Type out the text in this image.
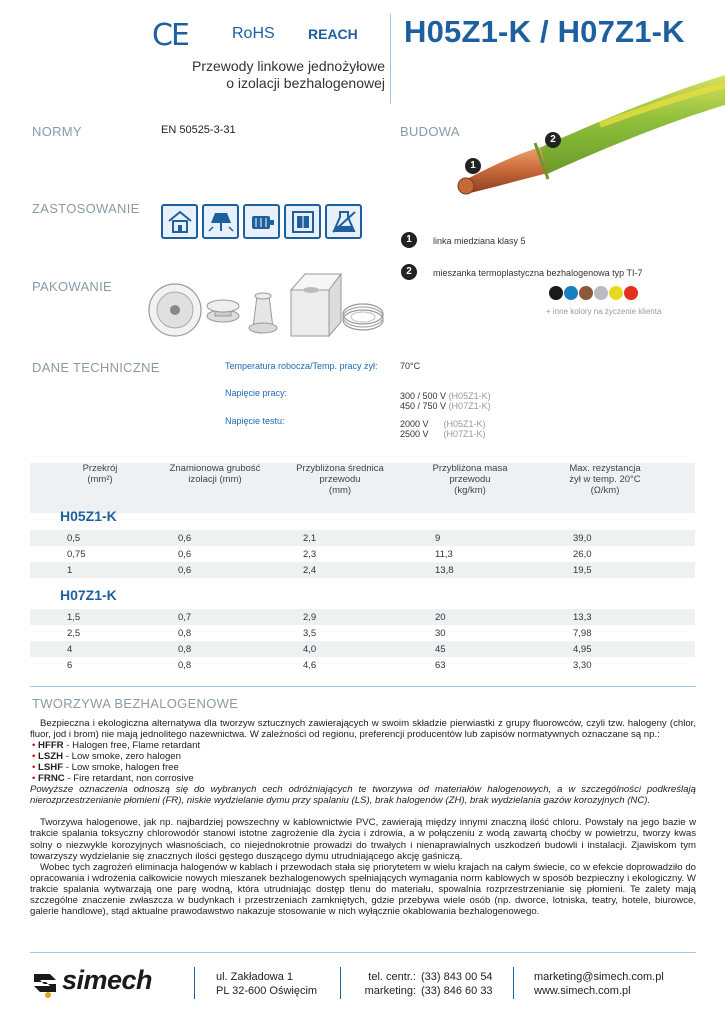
CE	RoHS REACH H05Z1-K / H07Z1-K
Przewody linkowe jednożyłowe
o izolacji bezhalogenowej
2
1
NORMY	EN 50525-3-31	BUDOWA
ZASTOSOWANIE
1	linka miedziana klasy 5
2	mieszanka termoplastyczna bezhalogenowa typ TI-7
+ inne kolory na życzenie klienta
PAKOWANIE
DANE TECHNICZNE	Temperatura robocza/Temp. pracy żył: 70°C
Napięcie pracy:	300 / 500 V (H05Z1-K)
450 / 750 V (H07Z1-K)
Napięcie testu:	2000 V (H05Z1-K)
2500 V (H07Z1-K)
Przekrój
(mm²)
Znamionowa grubość
izolacji (mm)
Przybliżona średnica
przewodu
(mm)
Przybliżona masa
przewodu
(kg/km)
Max. rezystancja
żył w temp. 20°C
(Ω/km)
H05Z1-K
0,5	0,6	2,1	9	39,0
0,75	0,6	2,3	11,3	26,0
1	0,6	2,4	13,8	19,5
H07Z1-K
1,5	0,7	2,9	20	13,3
2,5	0,8	3,5	30	7,98
4	0,8	4,0	45	4,95
6	0,8	4,6	63	3,30
TWORZYWA BEZHALOGENOWE

Bezpieczna i ekologiczna alternatywa dla tworzyw sztucznych zawierających w swoim składzie pierwiastki z grupy fluorowców, czyli tzw. halogeny (chlor, fluor, jod i brom) nie mają jednolitego nazewnictwa. W zależności od regionu, preferencji producentów lub zapisów normatywnych oznaczane są np.:

• HFFR - Halogen free, Flame retardant
• LSZH - Low smoke, zero halogen
• LSHF - Low smoke, halogen free
• FRNC - Fire retardant, non corrosive

Powyższe oznaczenia odnoszą się do wybranych cech odróżniających te tworzywa od materiałów halogenowych, a w szczególności podkreślają nierozprzestrzenianie płomieni (FR), niskie wydzielanie dymu przy spalaniu (LS), brak halogenów (ZH), brak wydzielania gazów korozyjnych (NC).

Tworzywa halogenowe, jak np. najbardziej powszechny w kablownictwie PVC, zawierają między innymi znaczną ilość chloru. Powstały na jego bazie w trakcie spalania toksyczny chlorowodór stanowi istotne zagrożenie dla życia i zdrowia, a w połączeniu z wodą zawartą choćby w powietrzu, tworzy kwas solny o niezwykle korozyjnych własnościach, co niejednokrotnie prowadzi do trwałych i nienaprawialnych uszkodzeń budowli i instalacji. Zjawiskom tym towarzyszy wydzielanie się znacznych ilości gęstego duszącego dymu utrudniającego akcję gaśniczą.

Wobec tych zagrożeń eliminacja halogenów w kablach i przewodach stała się priorytetem w wielu krajach na całym świecie, co w efekcie doprowadziło do opracowania i wdrożenia całkowicie nowych mieszanek bezhalogenowych spełniających wymagania norm kablowych w sposób bezpieczny i ekologiczny. W trakcie spalania wytwarzają one parę wodną, która utrudniając dostęp tlenu do materiału, spowalnia rozprzestrzenianie się płomieni. Te zalety mają szczególne znaczenie zwłaszcza w budynkach i przestrzeniach zamkniętych, gdzie przebywa wiele osób (np. dworce, lotniska, teatry, hotele, biurowce, galerie handlowe), stąd aktualne prawodawstwo nakazuje stosowanie w nich wyłącznie okablowania bezhalogenowego.

simech	ul. Zakładowa 1
PL 32-600 Oświęcim
tel. centr.:
marketing:
(33) 843 00 54
(33) 846 60 33
marketing@simech.com.pl
www.simech.com.pl
